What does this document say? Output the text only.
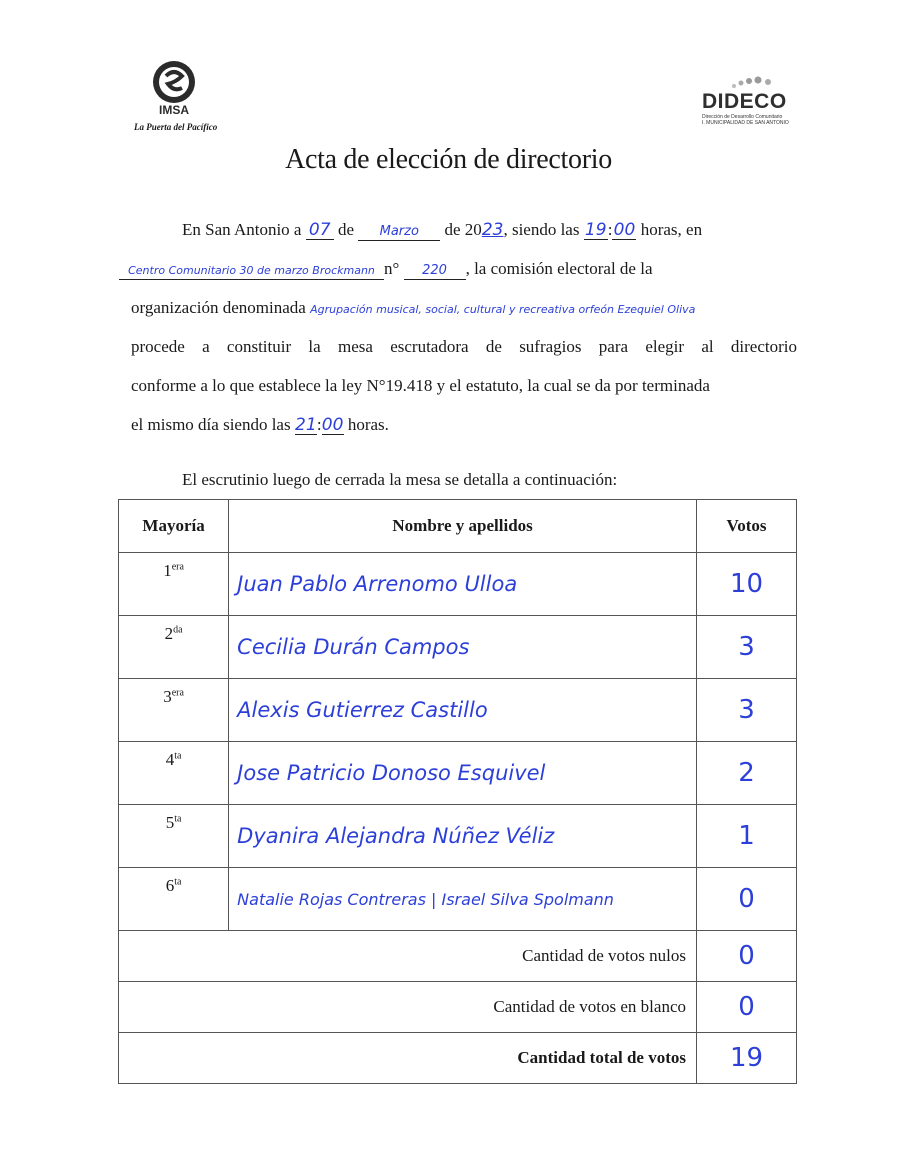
IMSA
La Puerta del Pacífico
DIDECO
Dirección de Desarrollo Comunitario
I. MUNICIPALIDAD DE SAN ANTONIO
Acta de elección de directorio
En San Antonio a 07 de Marzo de 2023, siendo las 19:00 horas, en
Centro Comunitario 30 de marzo Brockmann n° 220 , la comisión electoral de la
organización denominada Agrupación musical, social, cultural y recreativa orfeón Ezequiel Oliva
procede a constituir la mesa escrutadora de sufragios para elegir al directorio
conforme a lo que establece la ley N°19.418 y el estatuto, la cual se da por terminada
el mismo día siendo las 21:00 horas.
El escrutinio luego de cerrada la mesa se detalla a continuación:
Mayoría	Nombre y apellidos	Votos
$1^{era}$	Juan Pablo Arrenomo Ulloa	10
$2^{da}$	Cecilia Durán Campos	3
$3^{era}$	Alexis Gutierrez Castillo	3
$4^{ta}$	Jose Patricio Donoso Esquivel	2
$5^{ta}$	Dyanira Alejandra Núñez Véliz	1
$6^{ta}$	Natalie Rojas Contreras | Israel Silva Spolmann	0
Cantidad de votos nulos		0
Cantidad de votos en blanco		0
Cantidad total de votos		19
